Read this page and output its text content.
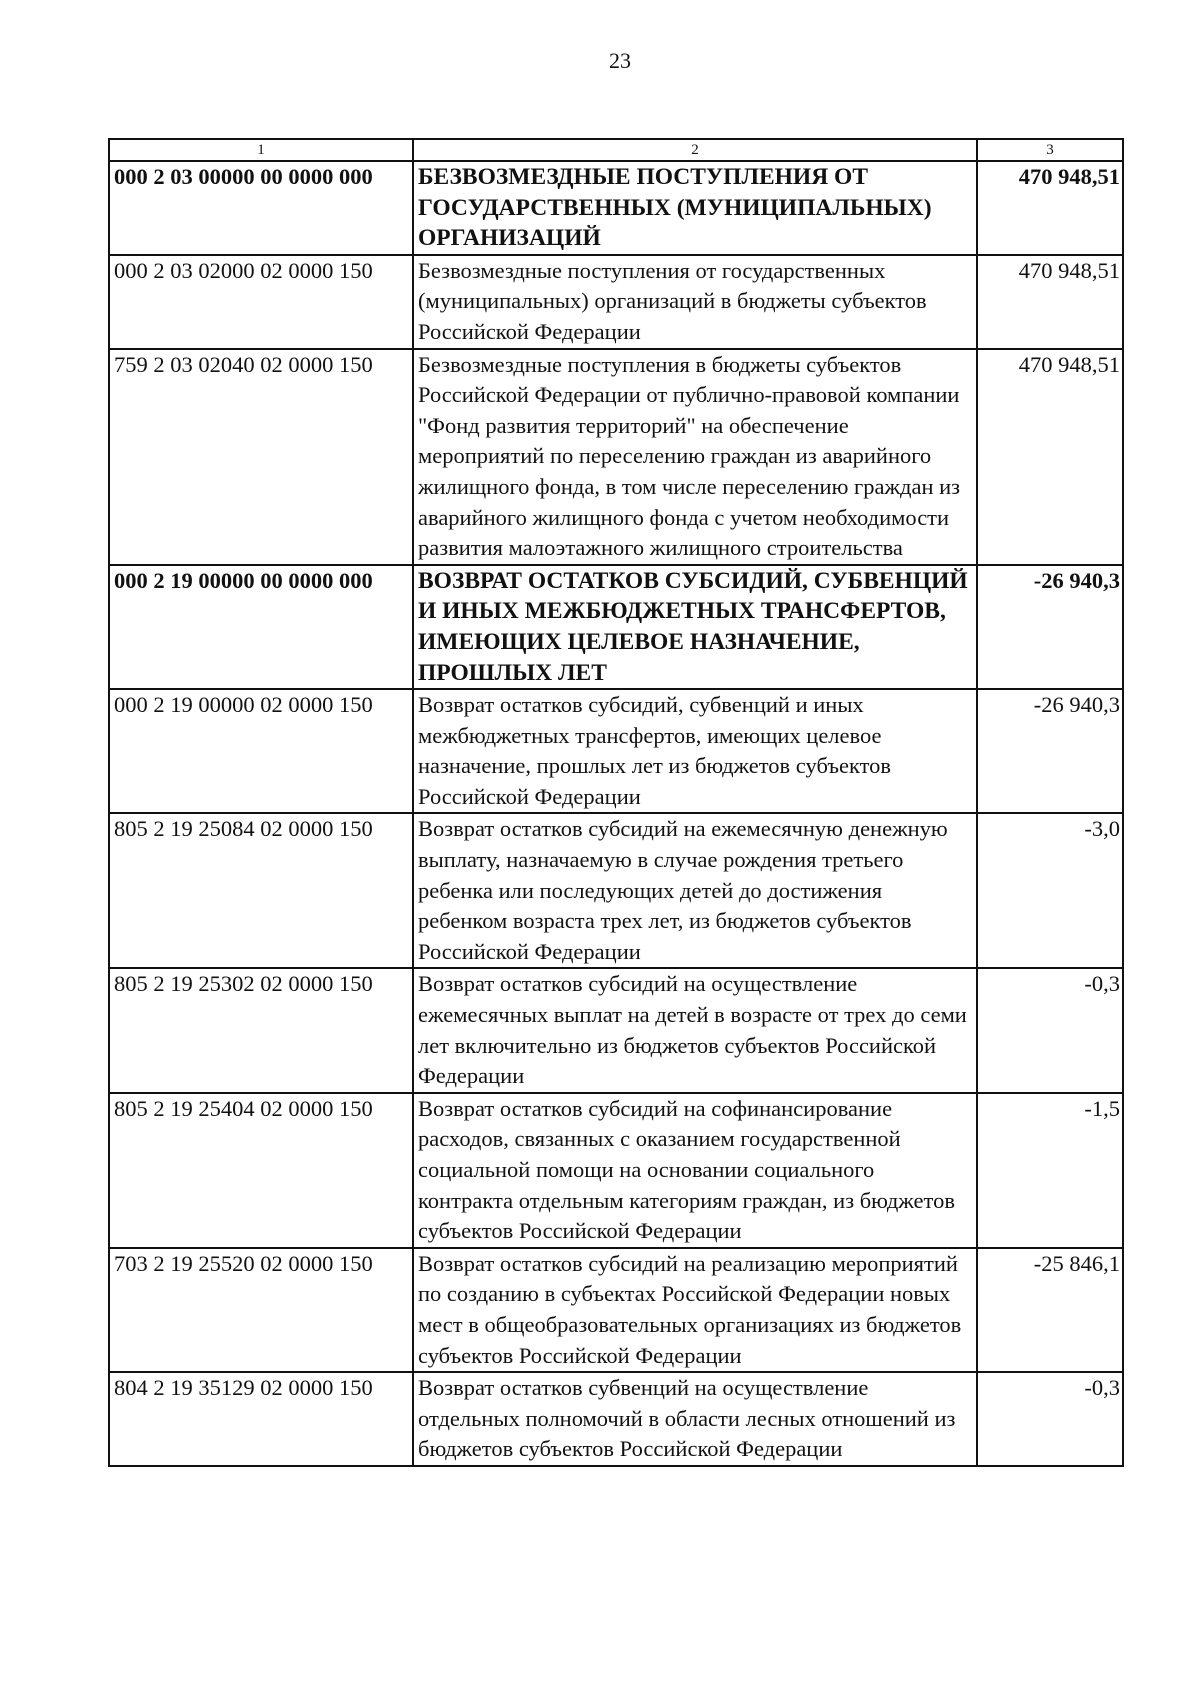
23
1	2	3
000 2 03 00000 00 0000 000	БЕЗВОЗМЕЗДНЫЕ ПОСТУПЛЕНИЯ ОТ ГОСУДАРСТВЕННЫХ (МУНИЦИПАЛЬНЫХ) ОРГАНИЗАЦИЙ	470 948,51
000 2 03 02000 02 0000 150	Безвозмездные поступления от государственных (муниципальных) организаций в бюджеты субъектов Российской Федерации	470 948,51
759 2 03 02040 02 0000 150	Безвозмездные поступления в бюджеты субъектов Российской Федерации от публично-правовой компании "Фонд развития территорий" на обеспечение мероприятий по переселению граждан из аварийного жилищного фонда, в том числе переселению граждан из аварийного жилищного фонда с учетом необходимости развития малоэтажного жилищного строительства	470 948,51
000 2 19 00000 00 0000 000	ВОЗВРАТ ОСТАТКОВ СУБСИДИЙ, СУБВЕНЦИЙ И ИНЫХ МЕЖБЮДЖЕТНЫХ ТРАНСФЕРТОВ, ИМЕЮЩИХ ЦЕЛЕВОЕ НАЗНАЧЕНИЕ, ПРОШЛЫХ ЛЕТ	-26 940,3
000 2 19 00000 02 0000 150	Возврат остатков субсидий, субвенций и иных межбюджетных трансфертов, имеющих целевое назначение, прошлых лет из бюджетов субъектов Российской Федерации	-26 940,3
805 2 19 25084 02 0000 150	Возврат остатков субсидий на ежемесячную денежную выплату, назначаемую в случае рождения третьего ребенка или последующих детей до достижения ребенком возраста трех лет, из бюджетов субъектов Российской Федерации	-3,0
805 2 19 25302 02 0000 150	Возврат остатков субсидий на осуществление ежемесячных выплат на детей в возрасте от трех до семи лет включительно из бюджетов субъектов Российской Федерации	-0,3
805 2 19 25404 02 0000 150	Возврат остатков субсидий на софинансирование расходов, связанных с оказанием государственной социальной помощи на основании социального контракта отдельным категориям граждан, из бюджетов субъектов Российской Федерации	-1,5
703 2 19 25520 02 0000 150	Возврат остатков субсидий на реализацию мероприятий по созданию в субъектах Российской Федерации новых мест в общеобразовательных организациях из бюджетов субъектов Российской Федерации	-25 846,1
804 2 19 35129 02 0000 150	Возврат остатков субвенций на осуществление отдельных полномочий в области лесных отношений из бюджетов субъектов Российской Федерации	-0,3
